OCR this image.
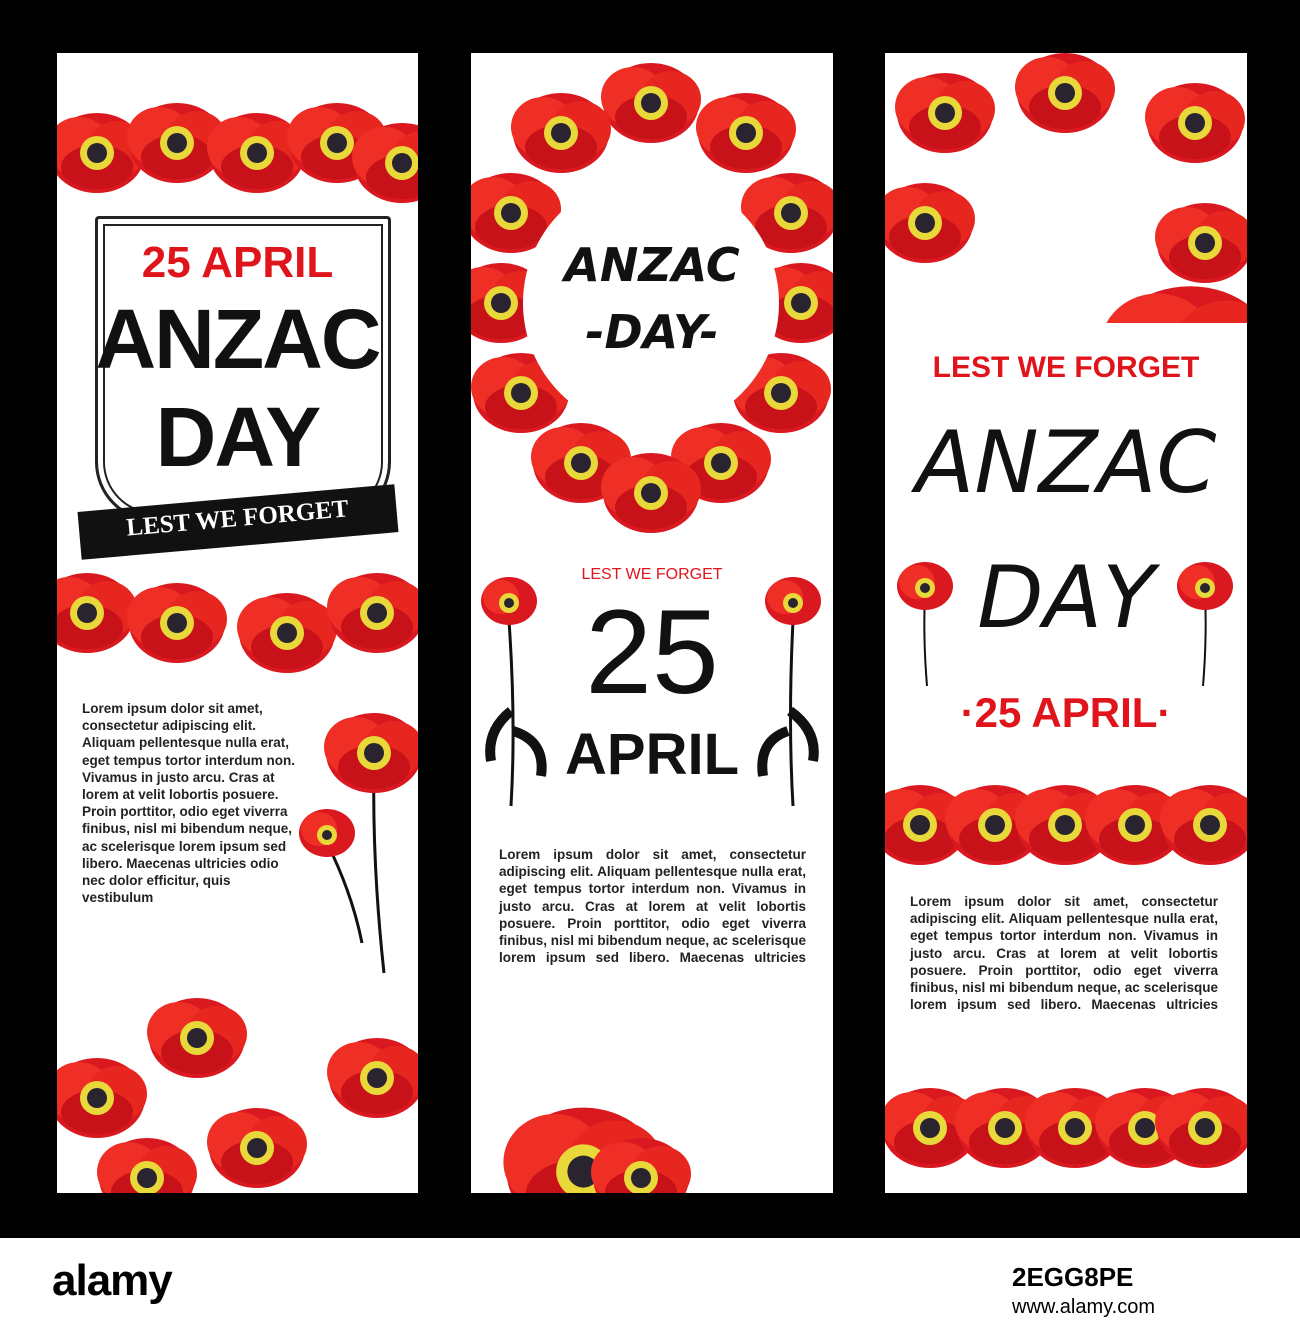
25 APRIL

ANZAC

DAY

LEST WE FORGET

Lorem ipsum dolor sit amet, consectetur adipiscing elit. Aliquam pellentesque nulla erat, eget tempus tortor interdum non. Vivamus in justo arcu. Cras at lorem at velit lobortis posuere. Proin porttitor, odio eget viverra finibus, nisl mi bibendum neque, ac scelerisque lorem ipsum sed libero. Maecenas ultricies odio nec dolor efficitur, quis vestibulum

ANZAC

-DAY-

LEST WE FORGET

25

APRIL

Lorem ipsum dolor sit amet, consectetur adipiscing elit. Aliquam pellentesque nulla erat, eget tempus tortor interdum non. Vivamus in justo arcu. Cras at lorem at velit lobortis posuere. Proin porttitor, odio eget viverra finibus, nisl mi bibendum neque, ac scelerisque lorem ipsum sed libero. Maecenas ultricies

LEST WE FORGET

ANZAC

DAY

·25 APRIL·

Lorem ipsum dolor sit amet, consectetur adipiscing elit. Aliquam pellentesque nulla erat, eget tempus tortor interdum non. Vivamus in justo arcu. Cras at lorem at velit lobortis posuere. Proin porttitor, odio eget viverra finibus, nisl mi bibendum neque, ac scelerisque lorem ipsum sed libero. Maecenas ultricies

alamy	2EGG8PE
www.alamy.com
